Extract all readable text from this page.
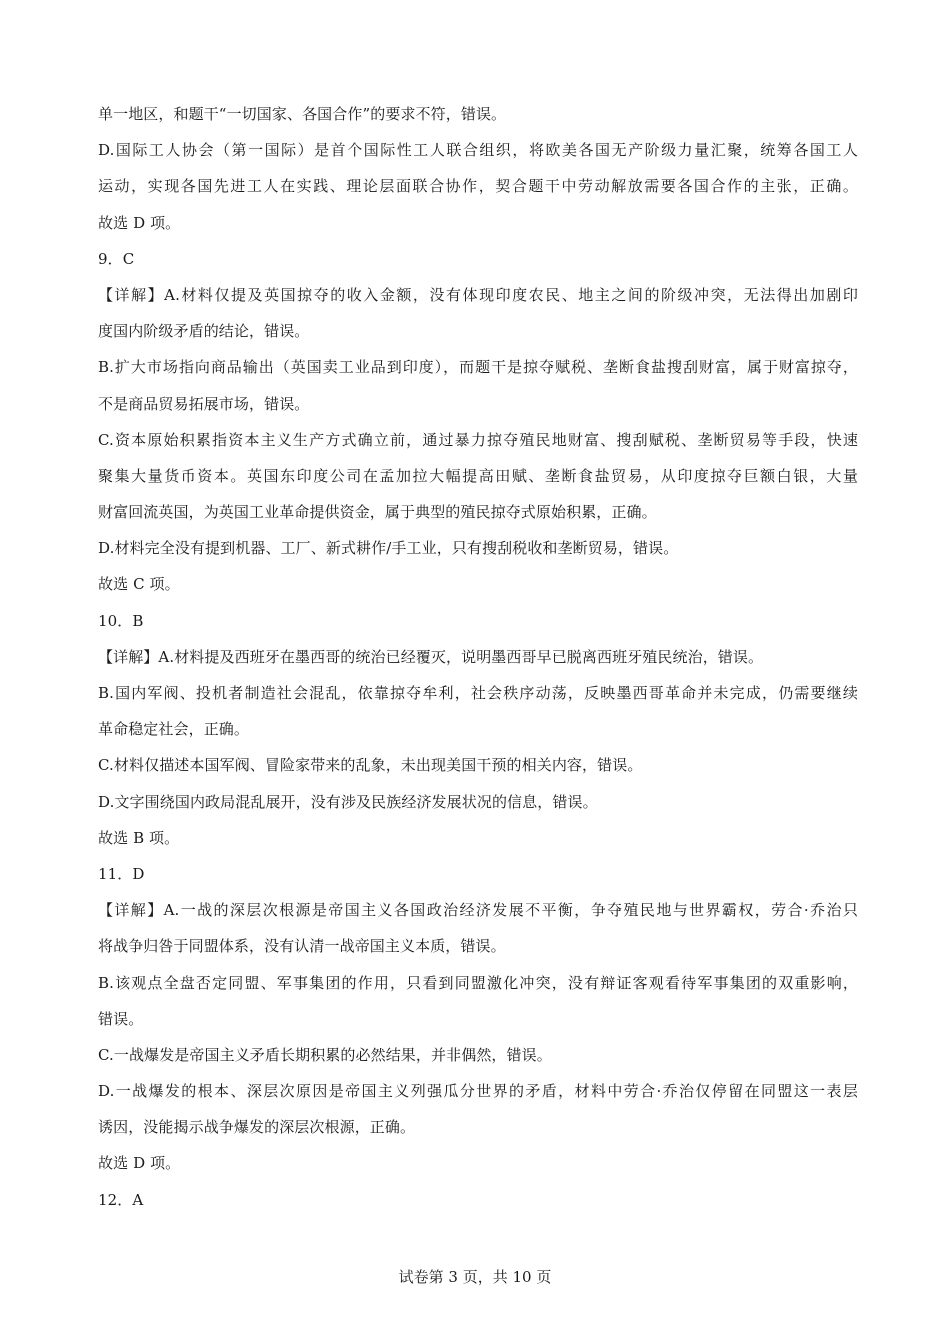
单一地区，和题干“一切国家、各国合作”的要求不符，错误。
D.国际工人协会（第一国际）是首个国际性工人联合组织，将欧美各国无产阶级力量汇聚，统筹各国工人
运动，实现各国先进工人在实践、理论层面联合协作，契合题干中劳动解放需要各国合作的主张，正确。
故选 D 项。
9．C
【详解】A.材料仅提及英国掠夺的收入金额，没有体现印度农民、地主之间的阶级冲突，无法得出加剧印
度国内阶级矛盾的结论，错误。
B.扩大市场指向商品输出（英国卖工业品到印度），而题干是掠夺赋税、垄断食盐搜刮财富，属于财富掠夺，
不是商品贸易拓展市场，错误。
C.资本原始积累指资本主义生产方式确立前，通过暴力掠夺殖民地财富、搜刮赋税、垄断贸易等手段，快速
聚集大量货币资本。英国东印度公司在孟加拉大幅提高田赋、垄断食盐贸易，从印度掠夺巨额白银，大量
财富回流英国，为英国工业革命提供资金，属于典型的殖民掠夺式原始积累，正确。
D.材料完全没有提到机器、工厂、新式耕作/手工业，只有搜刮税收和垄断贸易，错误。
故选 C 项。
10．B
【详解】A.材料提及西班牙在墨西哥的统治已经覆灭，说明墨西哥早已脱离西班牙殖民统治，错误。
B.国内军阀、投机者制造社会混乱，依靠掠夺牟利，社会秩序动荡，反映墨西哥革命并未完成，仍需要继续
革命稳定社会，正确。
C.材料仅描述本国军阀、冒险家带来的乱象，未出现美国干预的相关内容，错误。
D.文字围绕国内政局混乱展开，没有涉及民族经济发展状况的信息，错误。
故选 B 项。
11．D
【详解】A.一战的深层次根源是帝国主义各国政治经济发展不平衡，争夺殖民地与世界霸权，劳合·乔治只
将战争归咎于同盟体系，没有认清一战帝国主义本质，错误。
B.该观点全盘否定同盟、军事集团的作用，只看到同盟激化冲突，没有辩证客观看待军事集团的双重影响，
错误。
C.一战爆发是帝国主义矛盾长期积累的必然结果，并非偶然，错误。
D.一战爆发的根本、深层次原因是帝国主义列强瓜分世界的矛盾，材料中劳合·乔治仅停留在同盟这一表层
诱因，没能揭示战争爆发的深层次根源，正确。
故选 D 项。
12．A
试卷第 3 页，共 10 页
